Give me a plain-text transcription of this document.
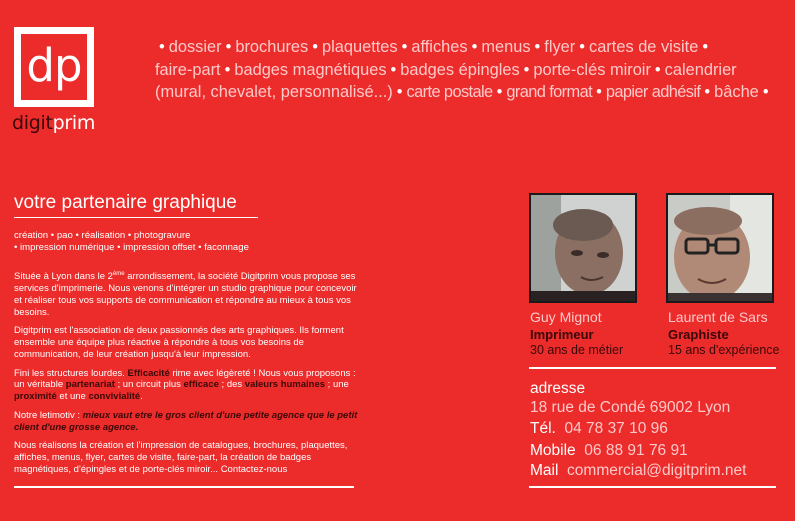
dp
digitprim
• dossier • brochures • plaquettes • affiches • menus • flyer • cartes de visite •
faire-part • badges magnétiques • badges épingles • porte-clés miroir • calendrier (mural, chevalet, personnalisé...) • carte postale • grand format • papier adhésif • bâche •
votre partenaire graphique
création • pao • réalisation • photogravure
• impression numérique • impression offset • faconnage

Située à Lyon dans le 2ème arrondissement, la société Digitprim vous propose ses services d'imprimerie. Nous venons d'intégrer un studio graphique pour concevoir et réaliser tous vos supports de communication et répondre au mieux à tous vos besoins.

Digitprim est l'association de deux passionnés des arts graphiques. Ils forment ensemble une équipe plus réactive à répondre à tous vos besoins de communication, de leur création jusqu'à leur impression.

Fini les structures lourdes. Efficacité rime avec légèreté ! Nous vous proposons : un véritable partenariat ; un circuit plus efficace ; des valeurs humaines ; une proximité et une convivialité.

Notre letimotiv : mieux vaut etre le gros client d'une petite agence que le petit client d'une grosse agence.

Nous réalisons la création et l'impression de catalogues, brochures, plaquettes, affiches, menus, flyer, cartes de visite, faire-part, la création de badges magnétiques, d'épingles et de porte-clés miroir... Contactez-nous

Guy Mignot
Imprimeur
30 ans de métier
Laurent de Sars
Graphiste
15 ans d'expérience
adresse
18 rue de Condé 69002 Lyon
Tél. 04 78 37 10 96
Mobile 06 88 91 76 91
Mail commercial@digitprim.net
